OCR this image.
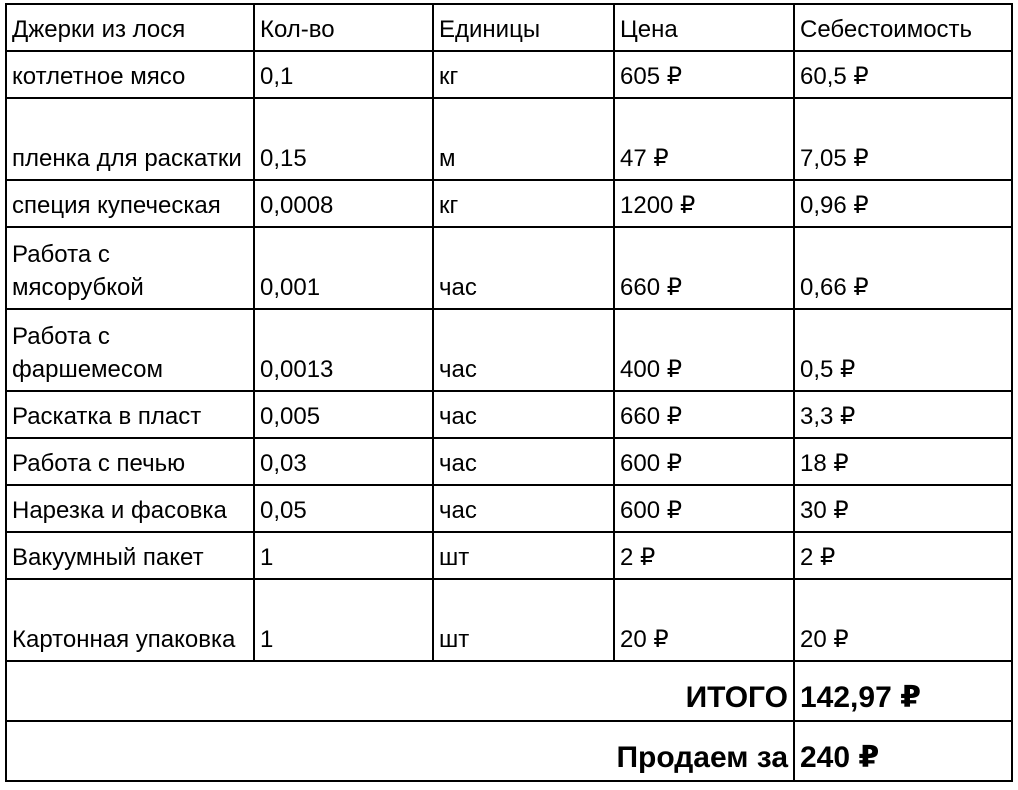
Джерки из лося	Кол-во	Единицы	Цена	Себестоимость
котлетное мясо	0,1	кг	605 ₽	60,5 ₽
пленка для раскатки	0,15	м	47 ₽	7,05 ₽
специя купеческая	0,0008	кг	1200 ₽	0,96 ₽
Работа с мясорубкой	0,001	час	660 ₽	0,66 ₽
Работа с фаршемесом	0,0013	час	400 ₽	0,5 ₽
Раскатка в пласт	0,005	час	660 ₽	3,3 ₽
Работа с печью	0,03	час	600 ₽	18 ₽
Нарезка и фасовка	0,05	час	600 ₽	30 ₽
Вакуумный пакет	1	шт	2 ₽	2 ₽
Картонная упаковка	1	шт	20 ₽	20 ₽
ИТОГО				142,97 ₽
Продаем за				240 ₽
